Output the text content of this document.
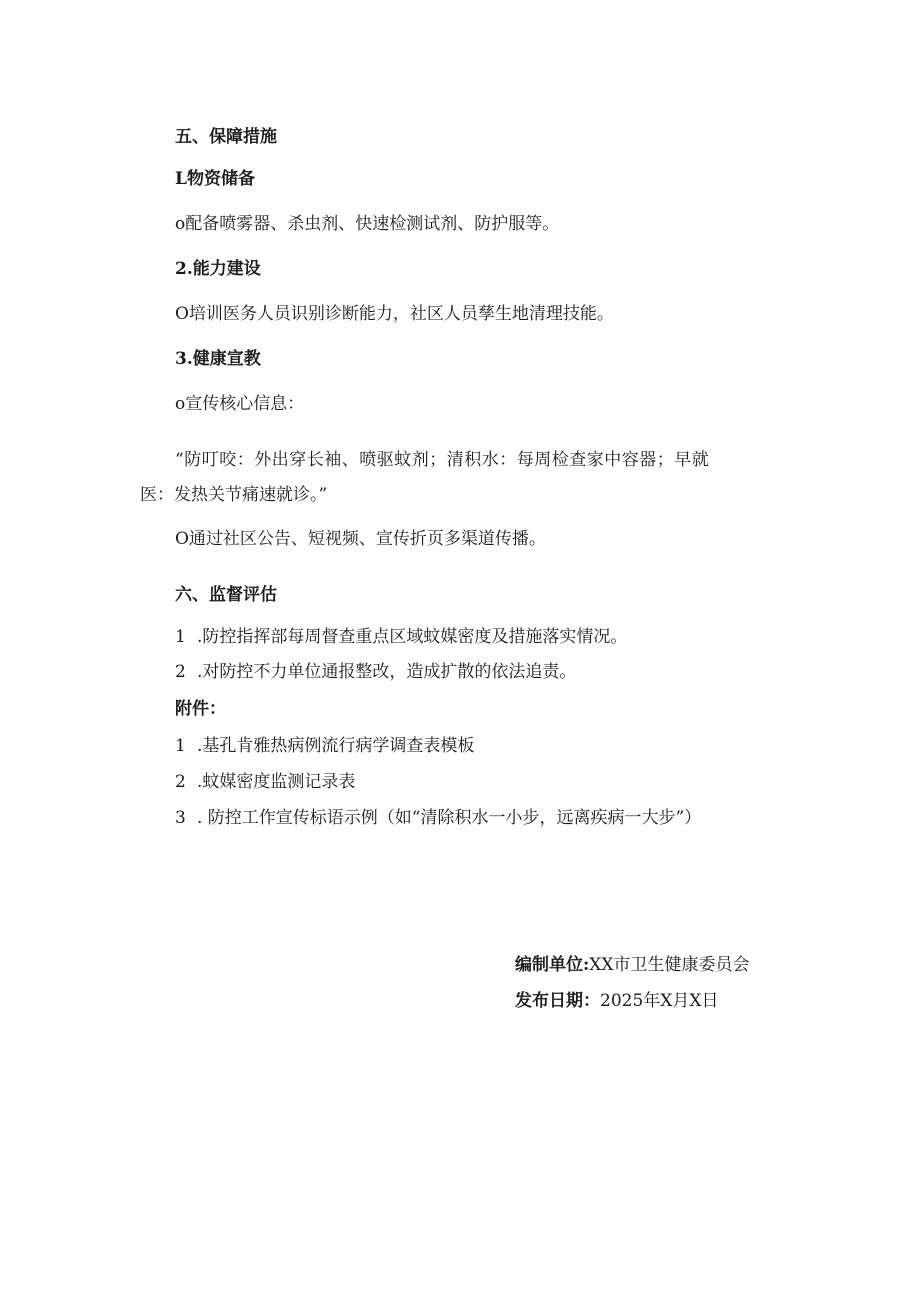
五、保障措施
L物资储备
o配备喷雾器、杀虫剂、快速检测试剂、防护服等。
2.能力建设
O培训医务人员识别诊断能力，社区人员孳生地清理技能。
3.健康宣教
o宣传核心信息：
“防叮咬：外出穿长袖、喷驱蚊剂；清积水：每周检查家中容器；早就
医：发热关节痛速就诊。”
O通过社区公告、短视频、宣传折页多渠道传播。
六、监督评估
1 .防控指挥部每周督查重点区域蚊媒密度及措施落实情况。
2 .对防控不力单位通报整改，造成扩散的依法追责。
附件：
1 .基孔肯雅热病例流行病学调查表模板
2 .蚊媒密度监测记录表
3 . 防控工作宣传标语示例（如“清除积水一小步，远离疾病一大步”）
编制单位:XX市卫生健康委员会
发布日期：2025年X月X日
